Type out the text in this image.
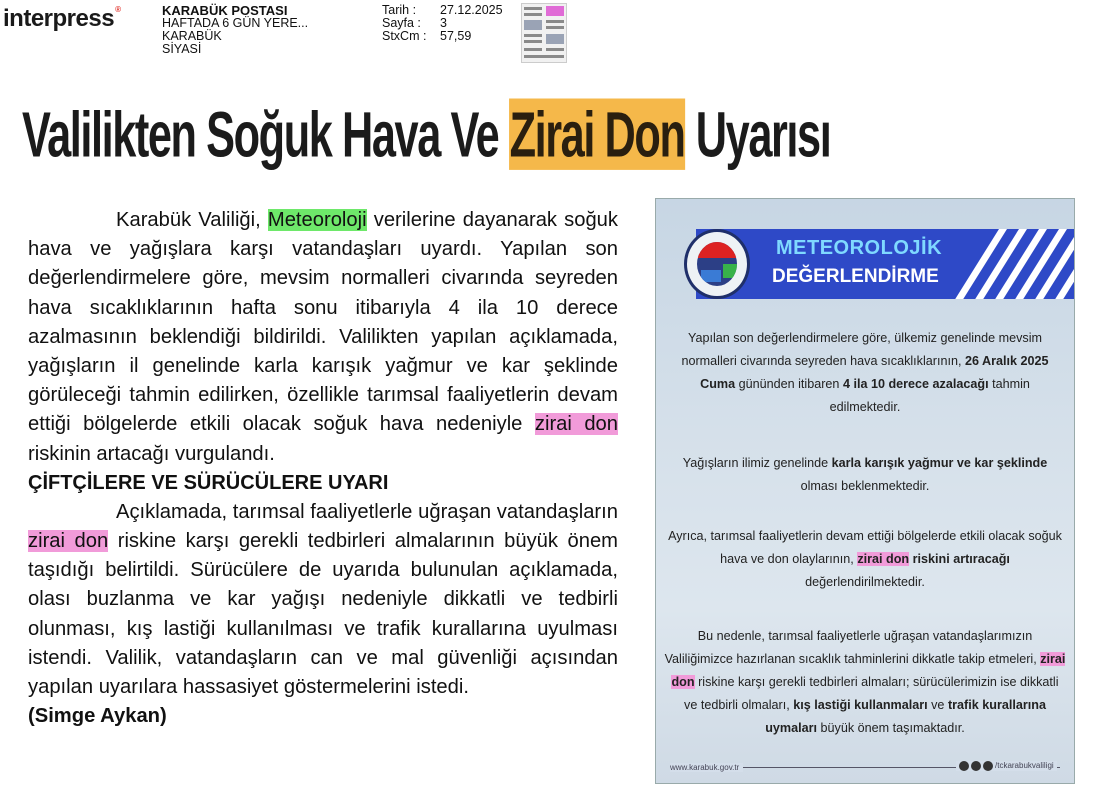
interpress®	KARABÜK POSTASI
HAFTADA 6 GÜN YERE...
KARABÜK
SİYASİ
Tarih : 27.12.2025
Sayfa : 3
StxCm : 57,59
Valilikten Soğuk Hava Ve Zirai Don Uyarısı

Karabük Valiliği, Meteoroloji verilerine dayanarak soğuk hava ve yağışlara karşı vatandaşları uyardı. Yapılan son değerlendirmelere göre, mevsim normalleri civarında seyreden hava sıcaklıklarının hafta sonu itibarıyla 4 ila 10 derece azalmasının beklendiği bildirildi. Valilikten yapılan açıklamada, yağışların il genelinde karla karışık yağmur ve kar şeklinde görüleceği tahmin edilirken, özellikle tarımsal faaliyetlerin devam ettiği bölgelerde etkili olacak soğuk hava nedeniyle zirai don riskinin artacağı vurgulandı.

ÇİFTÇİLERE VE SÜRÜCÜLERE UYARI

Açıklamada, tarımsal faaliyetlerle uğraşan vatandaşların zirai don riskine karşı gerekli tedbirleri almalarının büyük önem taşıdığı belirtildi. Sürücülere de uyarıda bulunulan açıklamada, olası buzlanma ve kar yağışı nedeniyle dikkatli ve tedbirli olunması, kış lastiği kullanılması ve trafik kurallarına uyulması istendi. Valilik, vatandaşların can ve mal güvenliği açısından yapılan uyarılara hassasiyet göstermelerini istedi.

(Simge Aykan)

METEOROLOJİK
DEĞERLENDİRME

Yapılan son değerlendirmelere göre, ülkemiz genelinde mevsim normalleri civarında seyreden hava sıcaklıklarının, 26 Aralık 2025 Cuma gününden itibaren 4 ila 10 derece azalacağı tahmin edilmektedir.

Yağışların ilimiz genelinde karla karışık yağmur ve kar şeklinde olması beklenmektedir.

Ayrıca, tarımsal faaliyetlerin devam ettiği bölgelerde etkili olacak soğuk hava ve don olaylarının, zirai don riskini artıracağı değerlendirilmektedir.

Bu nedenle, tarımsal faaliyetlerle uğraşan vatandaşlarımızın Valiliğimizce hazırlanan sıcaklık tahminlerini dikkatle takip etmeleri, zirai don riskine karşı gerekli tedbirleri almaları; sürücülerimizin ise dikkatli ve tedbirli olmaları, kış lastiği kullanmaları ve trafik kurallarına uymaları büyük önem taşımaktadır.

www.karabuk.gov.tr	/tckarabukvaliligi
